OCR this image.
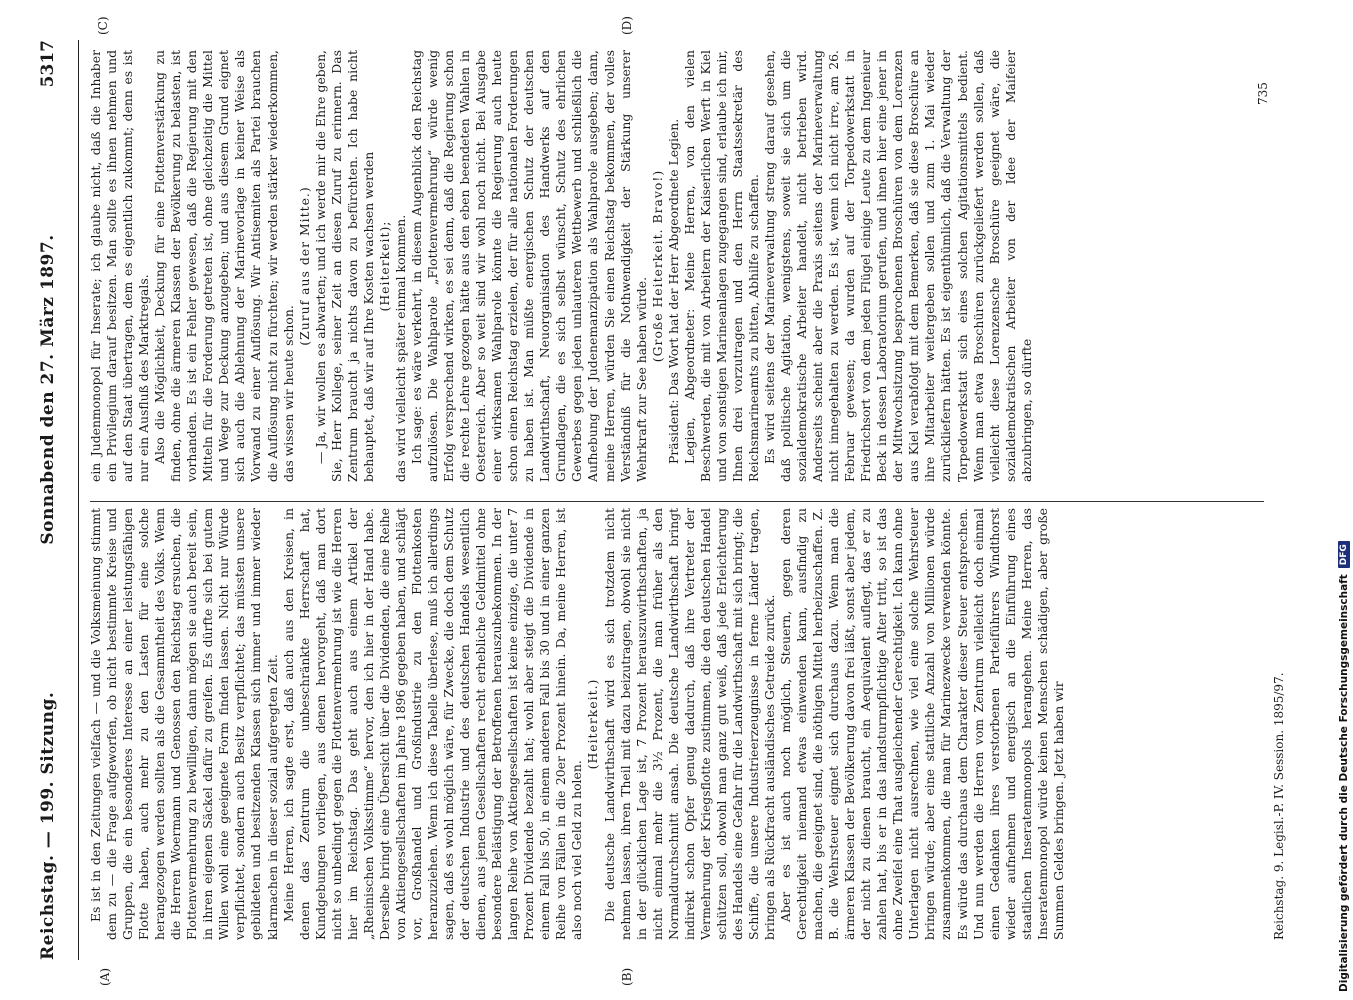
Reichstag. — 199. Sitzung.
Sonnabend den 27. März 1897.
5317
(A)	(B)
(C)	(D)

Es ist in den Zeitungen vielfach — und die Volksmeinung stimmt dem zu — die Frage aufgeworfen, ob nicht bestimmte Kreise und Gruppen, die ein besonderes Interesse an einer leistungsfähigen Flotte haben, auch mehr zu den Lasten für eine solche herangezogen werden sollten als die Gesammtheit des Volks. Wenn die Herren Woermann und Genossen den Reichstag ersuchen, die Flottenvermehrung zu bewilligen, dann mögen sie auch bereit sein, in ihren eigenen Säckel dafür zu greifen. Es dürfte sich bei gutem Willen wohl eine geeignete Form finden lassen. Nicht nur Würde verpflichtet, sondern auch Besitz verpflichtet; das müssten unsere gebildeten und besitzenden Klassen sich immer und immer wieder klarmachen in dieser sozial aufgeregten Zeit. Meine Herren, ich sagte erst, daß auch aus den Kreisen, in denen das Zentrum die unbeschränkte Herrschaft hat, Kundgebungen vorliegen, aus denen hervorgeht, daß man dort nicht so unbedingt gegen die Flottenvermehrung ist wie die Herren hier im Reichstag. Das geht auch aus einem Artikel der „Rheinischen Volksstimme“ hervor, den ich hier in der Hand habe. Derselbe bringt eine Übersicht über die Dividenden, die eine Reihe von Aktiengesellschaften im Jahre 1896 gegeben haben, und schlägt vor, Großhandel und Großindustrie zu den Flottenkosten heranzuziehen. Wenn ich diese Tabelle überlese, muß ich allerdings sagen, daß es wohl möglich wäre, für Zwecke, die doch dem Schutz der deutschen Industrie und des deutschen Handels wesentlich dienen, aus jenen Gesellschaften recht erhebliche Geldmittel ohne besondere Belästigung der Betroffenen herauszubekommen. In der langen Reihe von Aktiengesellschaften ist keine einzige, die unter 7 Prozent Dividende bezahlt hat; wohl aber steigt die Dividende in einem Fall bis 50, in einem anderen Fall bis 30 und in einer ganzen Reihe von Fällen in die 20er Prozent hinein. Da, meine Herren, ist also noch viel Geld zu holen.

(Heiterkeit.) Die deutsche Landwirthschaft wird es sich trotzdem nicht nehmen lassen, ihren Theil mit dazu beizutragen, obwohl sie nicht in der glücklichen Lage ist, 7 Prozent herauszuwirthschaften, ja nicht einmal mehr die 3½ Prozent, die man früher als den Normaldurchschnitt ansah. Die deutsche Landwirthschaft bringt indirekt schon Opfer genug dadurch, daß ihre Vertreter der Vermehrung der Kriegsflotte zustimmen, die den deutschen Handel schützen soll, obwohl man ganz gut weiß, daß jede Erleichterung des Handels eine Gefahr für die Landwirthschaft mit sich bringt; die Schiffe, die unsere Industrieerzeugnisse in ferne Länder tragen, bringen als Rückfracht ausländisches Getreide zurück. Aber es ist auch noch möglich, Steuern, gegen deren Gerechtigkeit niemand etwas einwenden kann, ausfindig zu machen, die geeignet sind, die nöthigen Mittel herbeizuschaffen. Z. B. die Wehrsteuer eignet sich durchaus dazu. Wenn man die ärmeren Klassen der Bevölkerung davon frei läßt, sonst aber jedem, der nicht zu dienen braucht, ein Aequivalent auflegt, das er zu zahlen hat, bis er in das landsturmpflichtige Alter tritt, so ist das ohne Zweifel eine That ausgleichender Gerechtigkeit. Ich kann ohne Unterlagen nicht ausrechnen, wie viel eine solche Wehrsteuer bringen würde; aber eine stattliche Anzahl von Millionen würde zusammenkommen, die man für Marinezwecke verwenden könnte. Es würde das durchaus dem Charakter dieser Steuer entsprechen. Und nun werden die Herren vom Zentrum vielleicht doch einmal einen Gedanken ihres verstorbenen Parteiführers Windthorst wieder aufnehmen und energisch an die Einführung eines staatlichen Inseratenmonopols herangehen. Meine Herren, das Inseratenmonopol würde keinen Menschen schädigen, aber große Summen Geldes bringen. Jetzt haben wir

ein Judenmonopol für Inserate; ich glaube nicht, daß die Inhaber ein Privilegium darauf besitzen. Man sollte es ihnen nehmen und auf den Staat übertragen, dem es eigentlich zukommt; denn es ist nur ein Ausfluß des Marktregals. Also die Möglichkeit, Deckung für eine Flottenverstärkung zu finden, ohne die ärmeren Klassen der Bevölkerung zu belasten, ist vorhanden. Es ist ein Fehler gewesen, daß die Regierung mit den Mitteln für die Forderung getreten ist, ohne gleichzeitig die Mittel und Wege zur Deckung anzugeben; und aus diesem Grund eignet sich auch die Ablehnung der Marinevorlage in keiner Weise als Vorwand zu einer Auflösung. Wir Antisemiten als Partei brauchen die Auflösung nicht zu fürchten; wir werden stärker wiederkommen, das wissen wir heute schon.

(Zuruf aus der Mitte.) — Ja, wir wollen es abwarten; und ich werde mir die Ehre geben, Sie, Herr Kollege, seiner Zeit an diesen Zuruf zu erinnern. Das Zentrum braucht ja nichts davon zu befürchten. Ich habe nicht behauptet, daß wir auf Ihre Kosten wachsen werden (Heiterkeit); das wird vielleicht später einmal kommen. Ich sage: es wäre verkehrt, in diesem Augenblick den Reichstag aufzulösen. Die Wahlparole „Flottenvermehrung“ würde wenig Erfolg versprechend wirken, es sei denn, daß die Regierung schon die rechte Lehre gezogen hätte aus den eben beendeten Wahlen in Oesterreich. Aber so weit sind wir wohl noch nicht. Bei Ausgabe einer wirksamen Wahlparole könnte die Regierung auch heute schon einen Reichstag erzielen, der für alle nationalen Forderungen zu haben ist. Man müßte energischen Schutz der deutschen Landwirthschaft, Neuorganisation des Handwerks auf den Grundlagen, die es sich selbst wünscht, Schutz des ehrlichen Gewerbes gegen jeden unlauteren Wettbewerb und schließlich die Aufhebung der Judenemanzipation als Wahlparole ausgeben; dann, meine Herren, würden Sie einen Reichstag bekommen, der volles Verständniß für die Nothwendigkeit der Stärkung unserer Wehrkraft zur See haben würde.

(Große Heiterkeit. Bravo!) Präsident: Das Wort hat der Herr Abgeordnete Legien. Legien, Abgeordneter: Meine Herren, von den vielen Beschwerden, die mit von Arbeitern der Kaiserlichen Werft in Kiel und von sonstigen Marineanlagen zugegangen sind, erlaube ich mir, Ihnen drei vorzutragen und den Herrn Staatssekretär des Reichsmarineamts zu bitten, Abhilfe zu schaffen. Es wird seitens der Marineverwaltung streng darauf gesehen, daß politische Agitation, wenigstens, soweit sie sich um die sozialdemokratische Arbeiter handelt, nicht betrieben wird. Anderseits scheint aber die Praxis seitens der Marineverwaltung nicht innegehalten zu werden. Es ist, wenn ich nicht irre, am 26. Februar gewesen; da wurden auf der Torpedowerkstatt in Friedrichsort von dem jeden Flügel einige Leute zu dem Ingenieur Beck in dessen Laboratorium gerufen, und ihnen hier eine jener in der Mittwochsitzung besprochenen Broschüren von dem Lorenzen aus Kiel verabfolgt mit dem Bemerken, daß sie diese Broschüre an ihre Mitarbeiter weitergeben sollen und zum 1. Mai wieder zurückliefern hätten. Es ist eigenthümlich, daß die Verwaltung der Torpedowerkstatt sich eines solchen Agitationsmittels bedient. Wenn man etwa Broschüren zurückgeliefert werden sollen, daß vielleicht diese Lorenzensche Broschüre geeignet wäre, die sozialdemokratischen Arbeiter von der Idee der Maifeier abzubringen, so dürfte

Reichstag. 9. Legisl.-P. IV. Session. 1895/97.
735
Digitalisierung gefördert durch die Deutsche Forschungsgemeinschaft
DFG
